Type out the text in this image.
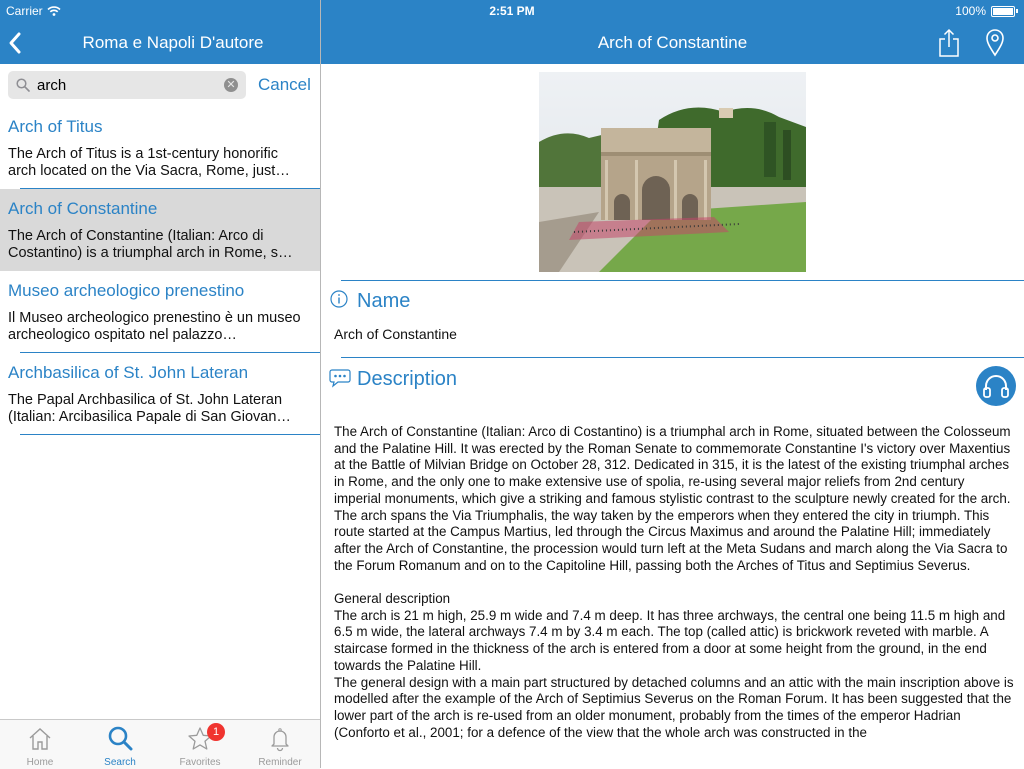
Carrier	2:51 PM	100%
Roma e Napoli D'autore
arch	✕ Cancel
Arch of Titus
The Arch of Titus is a 1st-century honorific arch located on the Via Sacra, Rome, just…
Arch of Constantine
The Arch of Constantine (Italian: Arco di Costantino) is a triumphal arch in Rome, s…
Museo archeologico prenestino
Il Museo archeologico prenestino è un museo archeologico ospitato nel palazzo…
Archbasilica of St. John Lateran
The Papal Archbasilica of St. John Lateran (Italian: Arcibasilica Papale di San Giovan…
Home	Search
1
Favorites	Reminder
Arch of Constantine
Name
Arch of Constantine
Description

The Arch of Constantine (Italian: Arco di Costantino) is a triumphal arch in Rome, situated between the Colosseum and the Palatine Hill. It was erected by the Roman Senate to commemorate Constantine I's victory over Maxentius at the Battle of Milvian Bridge on October 28, 312. Dedicated in 315, it is the latest of the existing triumphal arches in Rome, and the only one to make extensive use of spolia, re-using several major reliefs from 2nd century imperial monuments, which give a striking and famous stylistic contrast to the sculpture newly created for the arch.

The arch spans the Via Triumphalis, the way taken by the emperors when they entered the city in triumph. This route started at the Campus Martius, led through the Circus Maximus and around the Palatine Hill; immediately after the Arch of Constantine, the procession would turn left at the Meta Sudans and march along the Via Sacra to the Forum Romanum and on to the Capitoline Hill, passing both the Arches of Titus and Septimius Severus.

General description

The arch is 21 m high, 25.9 m wide and 7.4 m deep. It has three archways, the central one being 11.5 m high and 6.5 m wide, the lateral archways 7.4 m by 3.4 m each. The top (called attic) is brickwork reveted with marble. A staircase formed in the thickness of the arch is entered from a door at some height from the ground, in the end towards the Palatine Hill.

The general design with a main part structured by detached columns and an attic with the main inscription above is modelled after the example of the Arch of Septimius Severus on the Roman Forum. It has been suggested that the lower part of the arch is re-used from an older monument, probably from the times of the emperor Hadrian (Conforto et al., 2001; for a defence of the view that the whole arch was constructed in the
